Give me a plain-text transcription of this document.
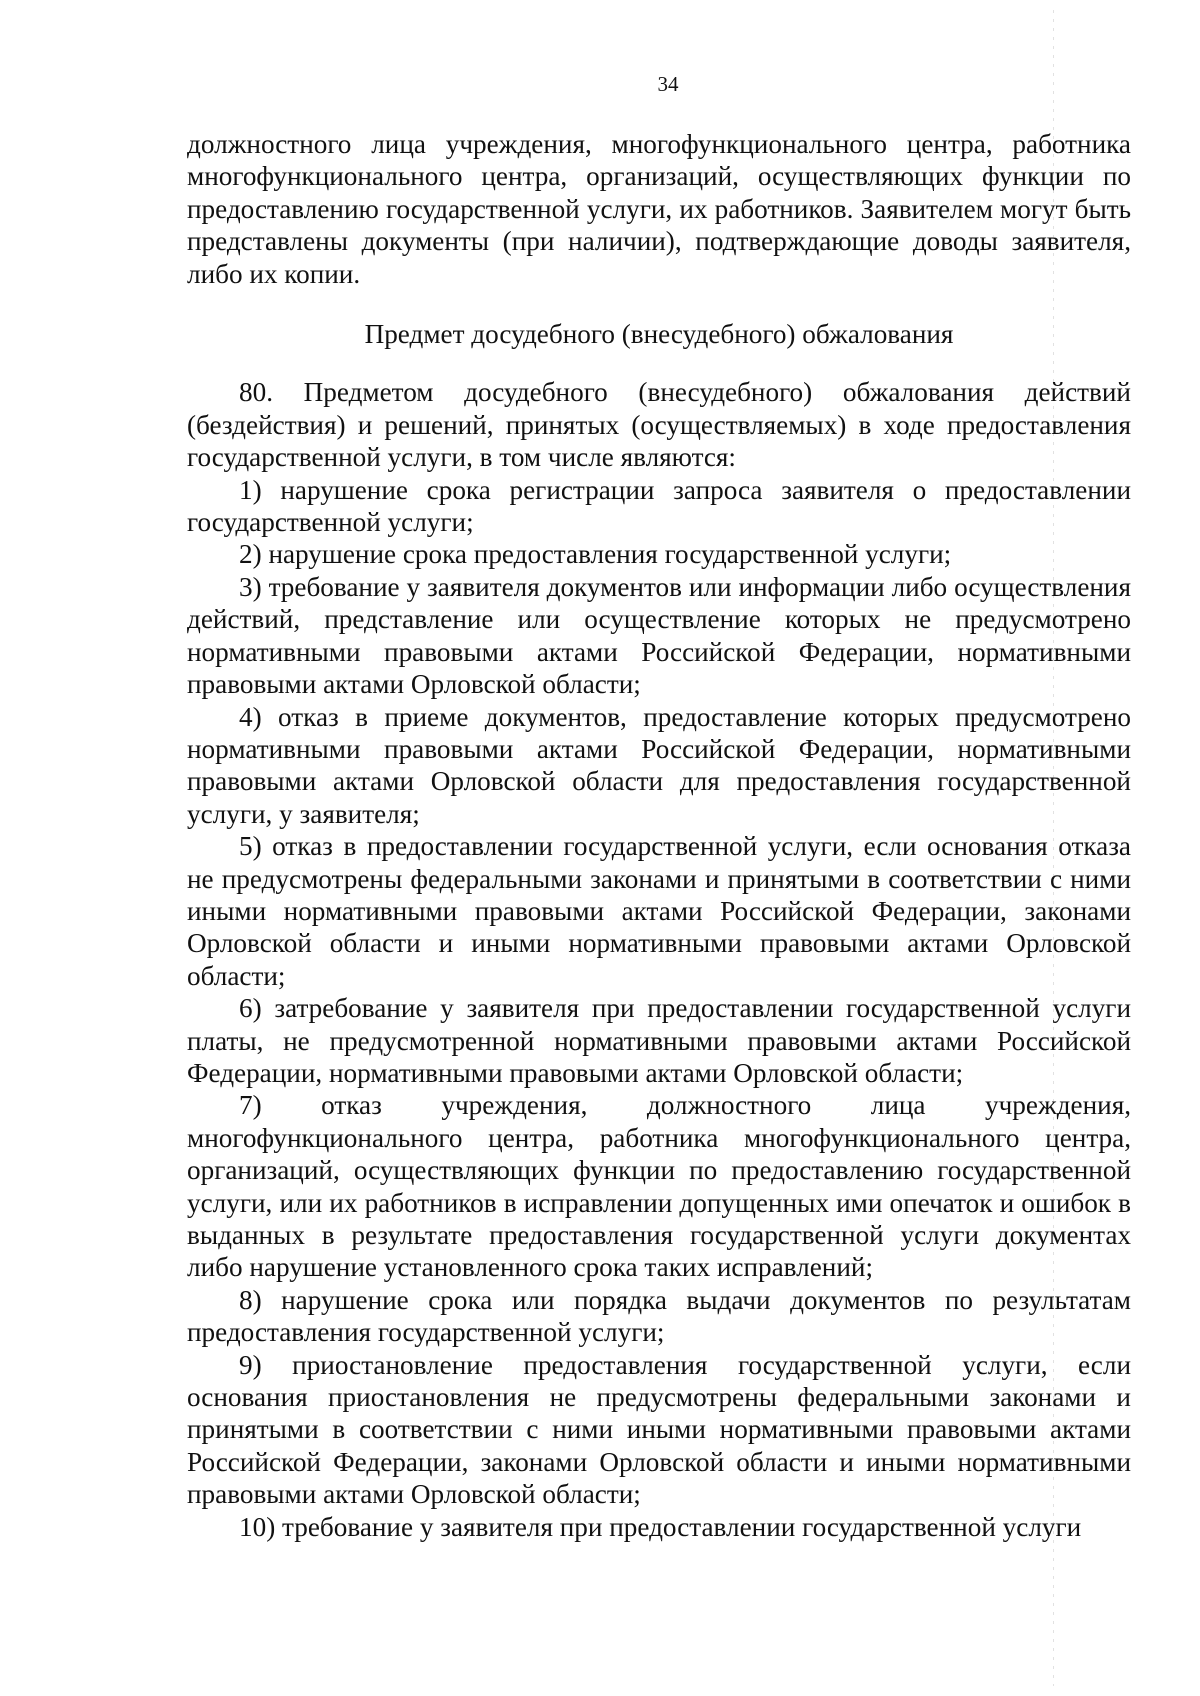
34

должностного лица учреждения, многофункционального центра, работника многофункционального центра, организаций, осуществляющих функции по предоставлению государственной услуги, их работников. Заявителем могут быть представлены документы (при наличии), подтверждающие доводы заявителя, либо их копии.

Предмет досудебного (внесудебного) обжалования

80. Предметом досудебного (внесудебного) обжалования действий (бездействия) и решений, принятых (осуществляемых) в ходе предоставления государственной услуги, в том числе являются:

1) нарушение срока регистрации запроса заявителя о предоставлении государственной услуги;

2) нарушение срока предоставления государственной услуги;

3) требование у заявителя документов или информации либо осуществления действий, представление или осуществление которых не предусмотрено нормативными правовыми актами Российской Федерации, нормативными правовыми актами Орловской области;

4) отказ в приеме документов, предоставление которых предусмотрено нормативными правовыми актами Российской Федерации, нормативными правовыми актами Орловской области для предоставления государственной услуги, у заявителя;

5) отказ в предоставлении государственной услуги, если основания отказа не предусмотрены федеральными законами и принятыми в соответствии с ними иными нормативными правовыми актами Российской Федерации, законами Орловской области и иными нормативными правовыми актами Орловской области;

6) затребование у заявителя при предоставлении государственной услуги платы, не предусмотренной нормативными правовыми актами Российской Федерации, нормативными правовыми актами Орловской области;

7) отказ учреждения, должностного лица учреждения, многофункционального центра, работника многофункционального центра, организаций, осуществляющих функции по предоставлению государственной услуги, или их работников в исправлении допущенных ими опечаток и ошибок в выданных в результате предоставления государственной услуги документах либо нарушение установленного срока таких исправлений;

8) нарушение срока или порядка выдачи документов по результатам предоставления государственной услуги;

9) приостановление предоставления государственной услуги, если основания приостановления не предусмотрены федеральными законами и принятыми в соответствии с ними иными нормативными правовыми актами Российской Федерации, законами Орловской области и иными нормативными правовыми актами Орловской области;

10) требование у заявителя при предоставлении государственной услуги
